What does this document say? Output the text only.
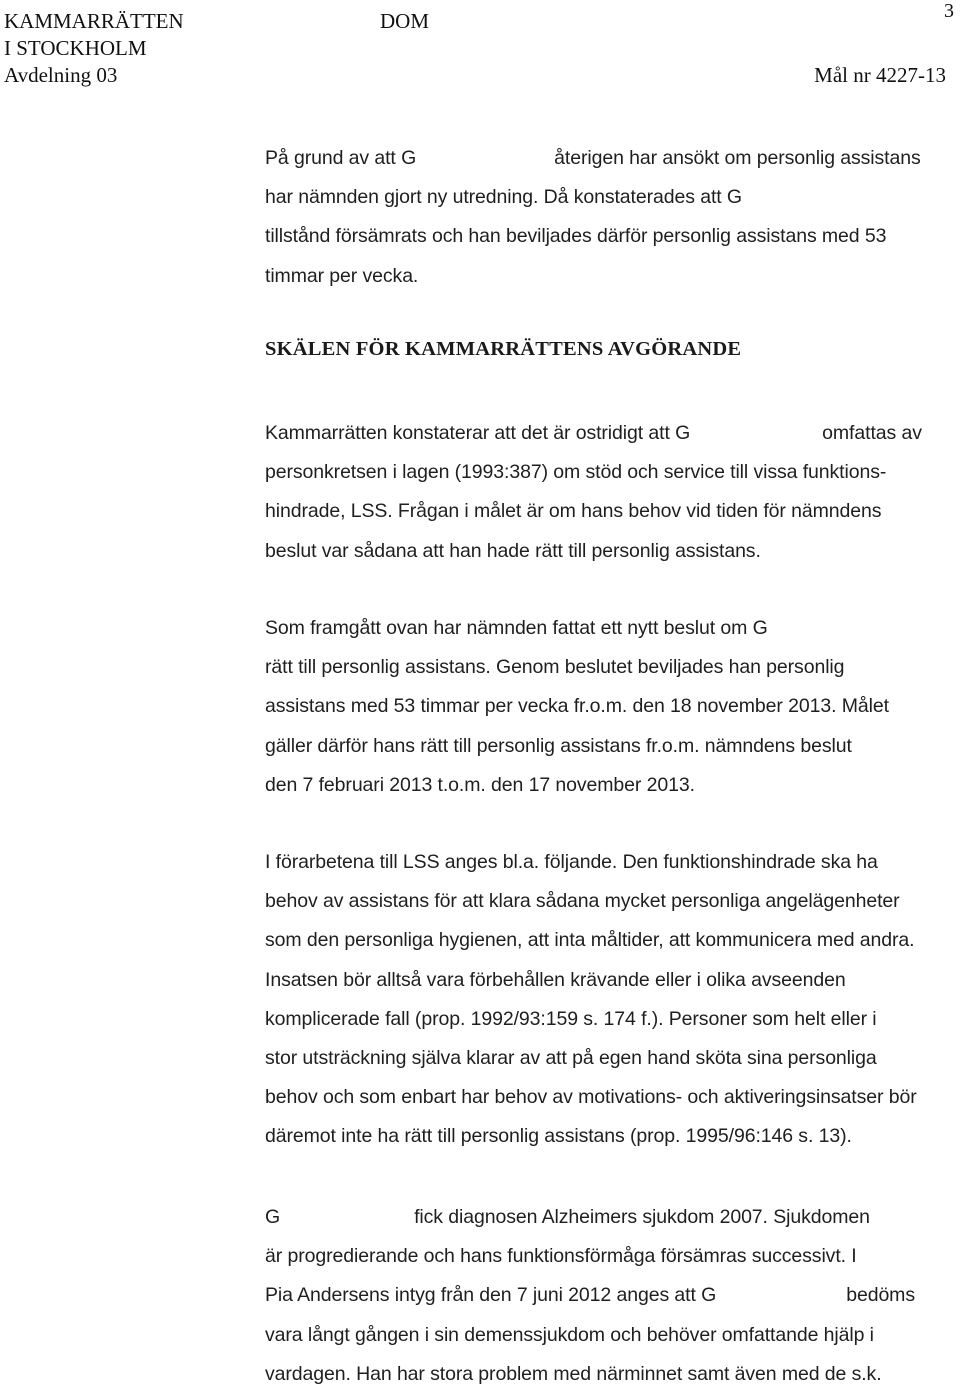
KAMMARRÄTTEN
I STOCKHOLM
Avdelning 03
DOM	3
Mål nr 4227-13
På grund av att G	återigen har ansökt om personlig assistans
har nämnden gjort ny utredning. Då konstaterades att G
tillstånd försämrats och han beviljades därför personlig assistans med 53
timmar per vecka.
SKÄLEN FÖR KAMMARRÄTTENS AVGÖRANDE
Kammarrätten konstaterar att det är ostridigt att G	omfattas av
personkretsen i lagen (1993:387) om stöd och service till vissa funktions-
hindrade, LSS. Frågan i målet är om hans behov vid tiden för nämndens
beslut var sådana att han hade rätt till personlig assistans.
Som framgått ovan har nämnden fattat ett nytt beslut om G
rätt till personlig assistans. Genom beslutet beviljades han personlig
assistans med 53 timmar per vecka fr.o.m. den 18 november 2013. Målet
gäller därför hans rätt till personlig assistans fr.o.m. nämndens beslut
den 7 februari 2013 t.o.m. den 17 november 2013.
I förarbetena till LSS anges bl.a. följande. Den funktionshindrade ska ha
behov av assistans för att klara sådana mycket personliga angelägenheter
som den personliga hygienen, att inta måltider, att kommunicera med andra.
Insatsen bör alltså vara förbehållen krävande eller i olika avseenden
komplicerade fall (prop. 1992/93:159 s. 174 f.). Personer som helt eller i
stor utsträckning själva klarar av att på egen hand sköta sina personliga
behov och som enbart har behov av motivations- och aktiveringsinsatser bör
däremot inte ha rätt till personlig assistans (prop. 1995/96:146 s. 13).
G	fick diagnosen Alzheimers sjukdom 2007. Sjukdomen
är progredierande och hans funktionsförmåga försämras successivt. I
Pia Andersens intyg från den 7 juni 2012 anges att G	bedöms
vara långt gången i sin demenssjukdom och behöver omfattande hjälp i
vardagen. Han har stora problem med närminnet samt även med de s.k.
